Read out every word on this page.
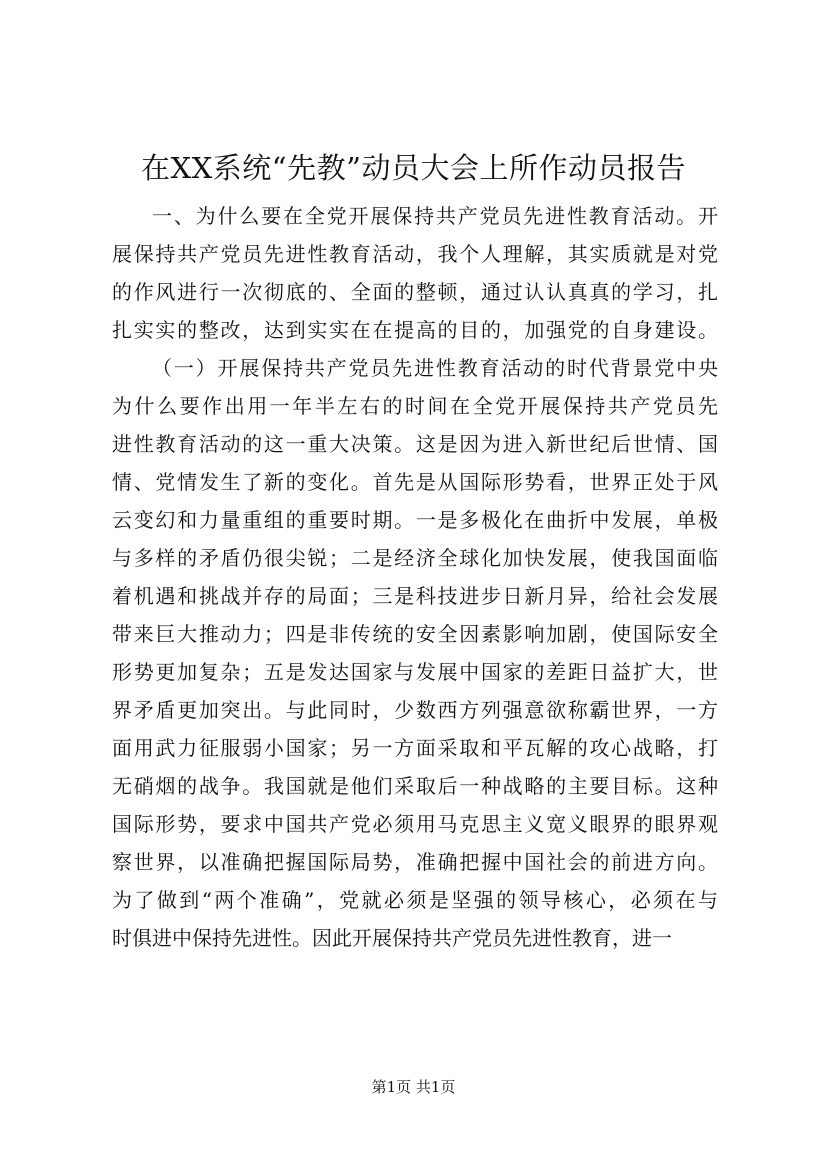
在XX系统“先教”动员大会上所作动员报告
一、为什么要在全党开展保持共产党员先进性教育活动。开
展保持共产党员先进性教育活动，我个人理解，其实质就是对党
的作风进行一次彻底的、全面的整顿，通过认认真真的学习，扎
扎实实的整改，达到实实在在提高的目的，加强党的自身建设。
（一）开展保持共产党员先进性教育活动的时代背景党中央
为什么要作出用一年半左右的时间在全党开展保持共产党员先
进性教育活动的这一重大决策。这是因为进入新世纪后世情、国
情、党情发生了新的变化。首先是从国际形势看，世界正处于风
云变幻和力量重组的重要时期。一是多极化在曲折中发展，单极
与多样的矛盾仍很尖锐；二是经济全球化加快发展，使我国面临
着机遇和挑战并存的局面；三是科技进步日新月异，给社会发展
带来巨大推动力；四是非传统的安全因素影响加剧，使国际安全
形势更加复杂；五是发达国家与发展中国家的差距日益扩大，世
界矛盾更加突出。与此同时，少数西方列强意欲称霸世界，一方
面用武力征服弱小国家；另一方面采取和平瓦解的攻心战略，打
无硝烟的战争。我国就是他们采取后一种战略的主要目标。这种
国际形势，要求中国共产党必须用马克思主义宽义眼界的眼界观
察世界，以准确把握国际局势，准确把握中国社会的前进方向。
为了做到“两个准确”，党就必须是坚强的领导核心，必须在与
时俱进中保持先进性。因此开展保持共产党员先进性教育，进一
第1页 共1页
